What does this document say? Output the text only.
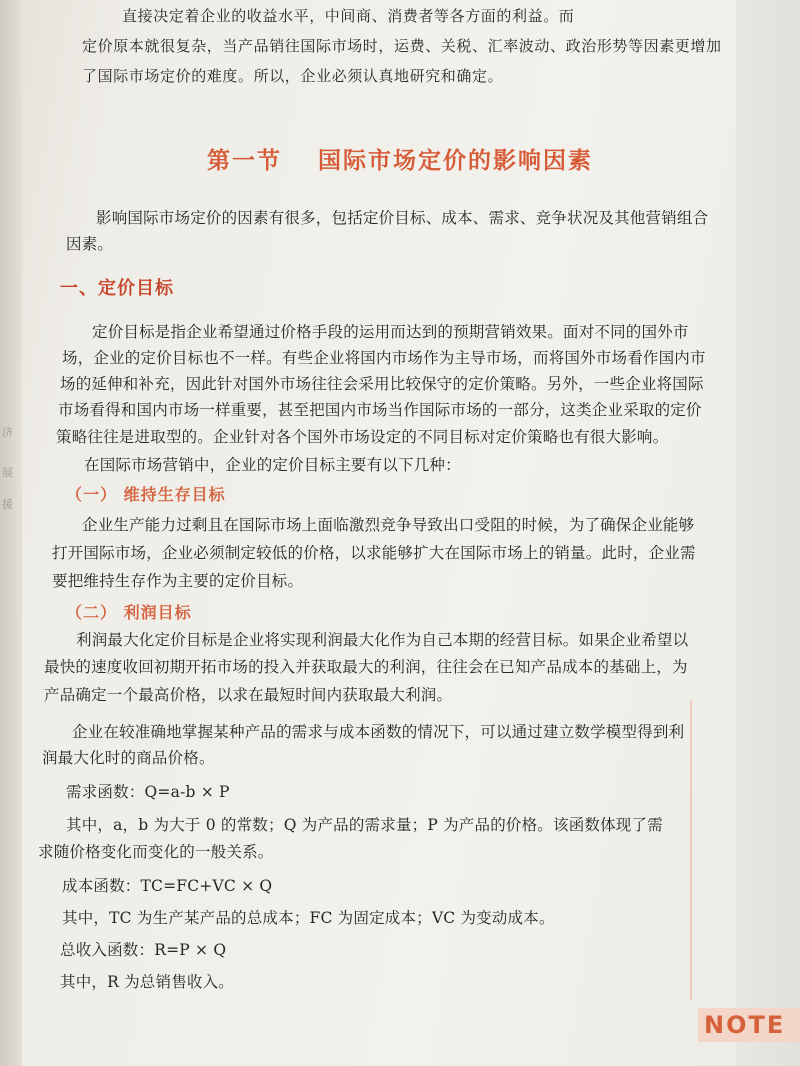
济
展
援

直接决定着企业的收益水平，中间商、消费者等各方面的利益。而

定价原本就很复杂，当产品销往国际市场时，运费、关税、汇率波动、政治形势等因素更增加

了国际市场定价的难度。所以，企业必须认真地研究和确定。

第一节 国际市场定价的影响因素

影响国际市场定价的因素有很多，包括定价目标、成本、需求、竞争状况及其他营销组合

因素。

一、定价目标

定价目标是指企业希望通过价格手段的运用而达到的预期营销效果。面对不同的国外市

场，企业的定价目标也不一样。有些企业将国内市场作为主导市场，而将国外市场看作国内市

场的延伸和补充，因此针对国外市场往往会采用比较保守的定价策略。另外，一些企业将国际

市场看得和国内市场一样重要，甚至把国内市场当作国际市场的一部分，这类企业采取的定价

策略往往是进取型的。企业针对各个国外市场设定的不同目标对定价策略也有很大影响。

在国际市场营销中，企业的定价目标主要有以下几种：

（一） 维持生存目标

企业生产能力过剩且在国际市场上面临激烈竞争导致出口受阻的时候，为了确保企业能够

打开国际市场，企业必须制定较低的价格，以求能够扩大在国际市场上的销量。此时，企业需

要把维持生存作为主要的定价目标。

（二） 利润目标

利润最大化定价目标是企业将实现利润最大化作为自己本期的经营目标。如果企业希望以

最快的速度收回初期开拓市场的投入并获取最大的利润，往往会在已知产品成本的基础上，为

产品确定一个最高价格，以求在最短时间内获取最大利润。

企业在较准确地掌握某种产品的需求与成本函数的情况下，可以通过建立数学模型得到利

润最大化时的商品价格。

需求函数：Q=a-b × P

其中，a，b 为大于 0 的常数；Q 为产品的需求量；P 为产品的价格。该函数体现了需

求随价格变化而变化的一般关系。

成本函数：TC=FC+VC × Q

其中，TC 为生产某产品的总成本；FC 为固定成本；VC 为变动成本。

总收入函数：R=P × Q

其中，R 为总销售收入。

NOTE
